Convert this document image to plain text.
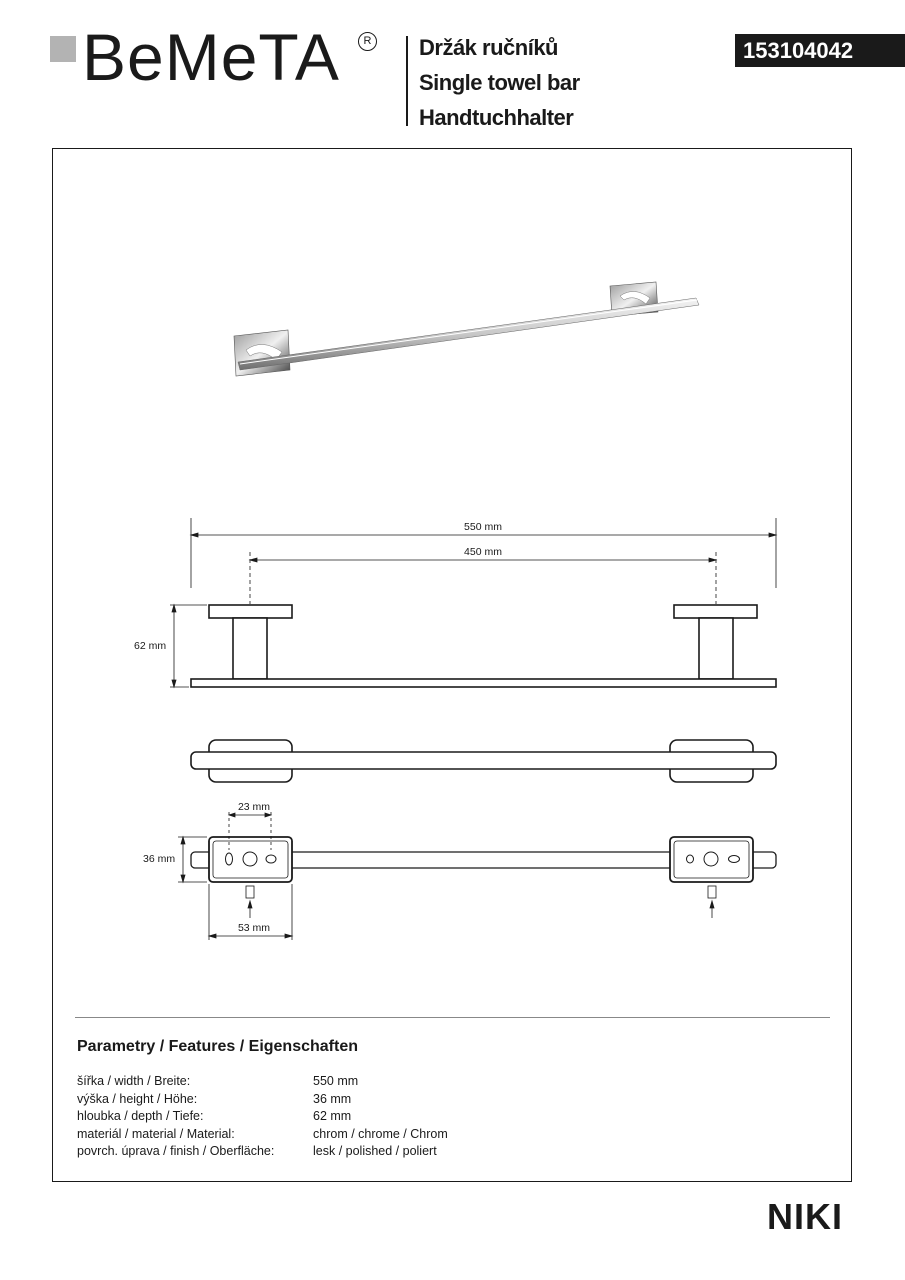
BeMeTA	R Držák ručníků
Single towel bar
Handtuchhalter
153104042
550 mm
450 mm
62 mm
23 mm
36 mm
53 mm
Parametry / Features / Eigenschaften
šířka / width / Breite:	550 mm
výška / height / Höhe:	36 mm
hloubka / depth / Tiefe:	62 mm
materiál / material / Material:	chrom / chrome / Chrom
povrch. úprava / finish / Oberfläche:	lesk / polished / poliert
NIKI
